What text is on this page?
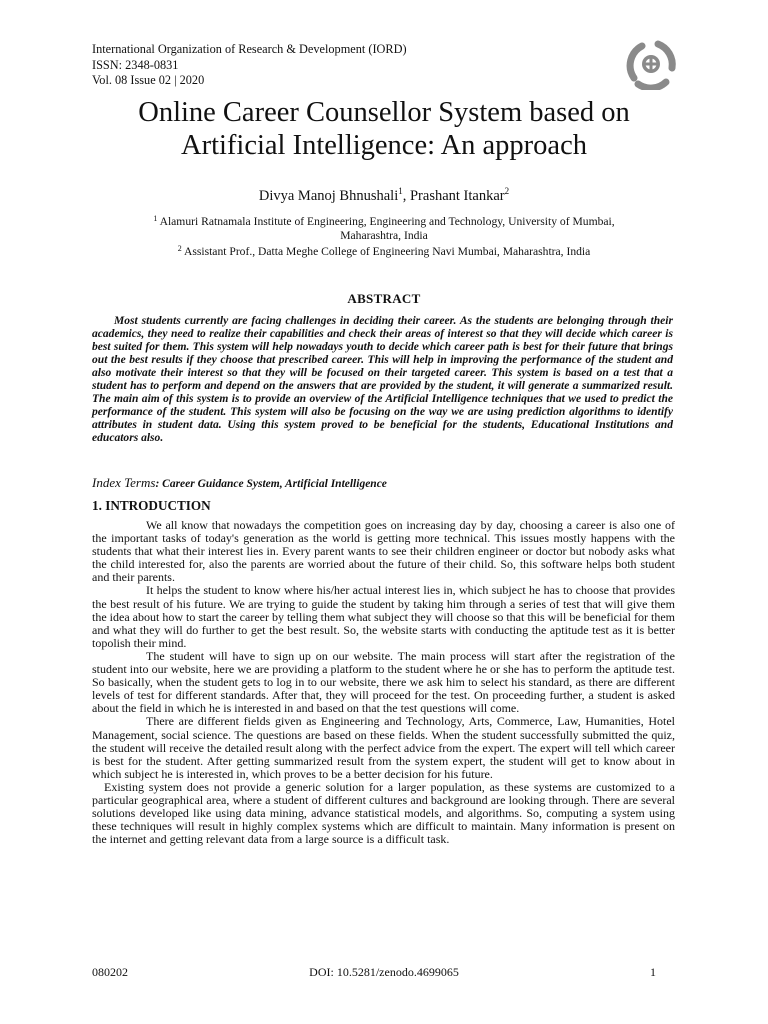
International Organization of Research & Development (IORD)
ISSN: 2348-0831
Vol. 08 Issue 02 | 2020
Online Career Counsellor System based on
Artificial Intelligence: An approach
Divya Manoj Bhnushali$^1$, Prashant Itankar$^2$
$^1$ Alamuri Ratnamala Institute of Engineering, Engineering and Technology, University of Mumbai, Maharashtra, India
$^2$ Assistant Prof., Datta Meghe College of Engineering Navi Mumbai, Maharashtra, India
ABSTRACT

Most students currently are facing challenges in deciding their career. As the students are belonging through their academics, they need to realize their capabilities and check their areas of interest so that they will decide which career is best suited for them. This system will help nowadays youth to decide which career path is best for their future that brings out the best results if they choose that prescribed career. This will help in improving the performance of the student and also motivate their interest so that they will be focused on their targeted career. This system is based on a test that a student has to perform and depend on the answers that are provided by the student, it will generate a summarized result. The main aim of this system is to provide an overview of the Artificial Intelligence techniques that we used to predict the performance of the student. This system will also be focusing on the way we are using prediction algorithms to identify attributes in student data. Using this system proved to be beneficial for the students, Educational Institutions and educators also.

Index Terms: Career Guidance System, Artificial Intelligence
1. INTRODUCTION

We all know that nowadays the competition goes on increasing day by day, choosing a career is also one of the important tasks of today's generation as the world is getting more technical. This issues mostly happens with the students that what their interest lies in. Every parent wants to see their children engineer or doctor but nobody asks what the child interested for, also the parents are worried about the future of their child. So, this software helps both student and their parents.

It helps the student to know where his/her actual interest lies in, which subject he has to choose that provides the best result of his future. We are trying to guide the student by taking him through a series of test that will give them the idea about how to start the career by telling them what subject they will choose so that this will be beneficial for them and what they will do further to get the best result. So, the website starts with conducting the aptitude test as it is better topolish their mind.

The student will have to sign up on our website. The main process will start after the registration of the student into our website, here we are providing a platform to the student where he or she has to perform the aptitude test. So basically, when the student gets to log in to our website, there we ask him to select his standard, as there are different levels of test for different standards. After that, they will proceed for the test. On proceeding further, a student is asked about the field in which he is interested in and based on that the test questions will come.

There are different fields given as Engineering and Technology, Arts, Commerce, Law, Humanities, Hotel Management, social science. The questions are based on these fields. When the student successfully submitted the quiz, the student will receive the detailed result along with the perfect advice from the expert. The expert will tell which career is best for the student. After getting summarized result from the system expert, the student will get to know about in which subject he is interested in, which proves to be a better decision for his future.

Existing system does not provide a generic solution for a larger population, as these systems are customized to a particular geographical area, where a student of different cultures and background are looking through. There are several solutions developed like using data mining, advance statistical models, and algorithms. So, computing a system using these techniques will result in highly complex systems which are difficult to maintain. Many information is present on the internet and getting relevant data from a large source is a difficult task.

080202	DOI: 10.5281/zenodo.4699065	1
